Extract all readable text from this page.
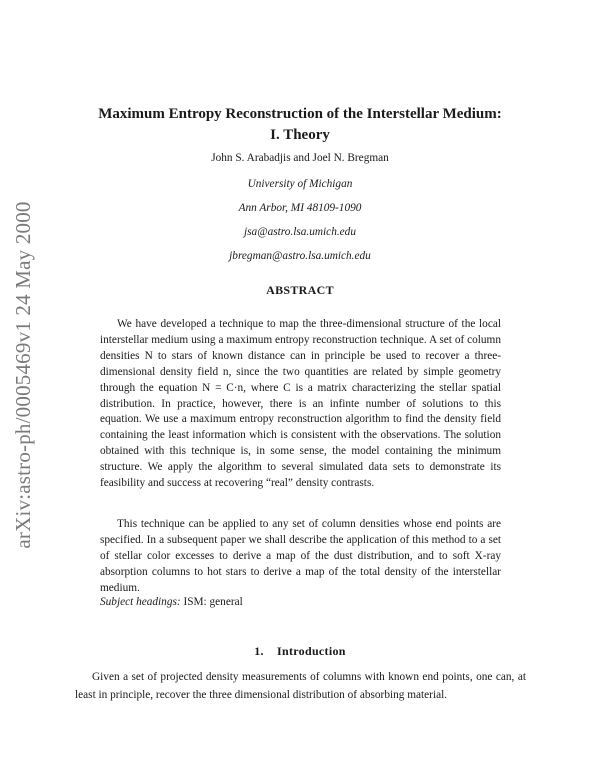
arXiv:astro-ph/0005469v1 24 May 2000
Maximum Entropy Reconstruction of the Interstellar Medium:
I. Theory
John S. Arabadjis and Joel N. Bregman
University of Michigan
Ann Arbor, MI 48109-1090
jsa@astro.lsa.umich.edu
jbregman@astro.lsa.umich.edu
ABSTRACT

We have developed a technique to map the three-dimensional structure of the local interstellar medium using a maximum entropy reconstruction technique. A set of column densities N to stars of known distance can in principle be used to recover a three-dimensional density field n, since the two quantities are related by simple geometry through the equation N = C·n, where C is a matrix characterizing the stellar spatial distribution. In practice, however, there is an infinte number of solutions to this equation. We use a maximum entropy reconstruction algorithm to find the density field containing the least information which is consistent with the observations. The solution obtained with this technique is, in some sense, the model containing the minimum structure. We apply the algorithm to several simulated data sets to demonstrate its feasibility and success at recovering “real” density contrasts.

This technique can be applied to any set of column densities whose end points are specified. In a subsequent paper we shall describe the application of this method to a set of stellar color excesses to derive a map of the dust distribution, and to soft X-ray absorption columns to hot stars to derive a map of the total density of the interstellar medium.

Subject headings: ISM: general
1.    Introduction

Given a set of projected density measurements of columns with known end points, one can, at least in principle, recover the three dimensional distribution of absorbing material.
